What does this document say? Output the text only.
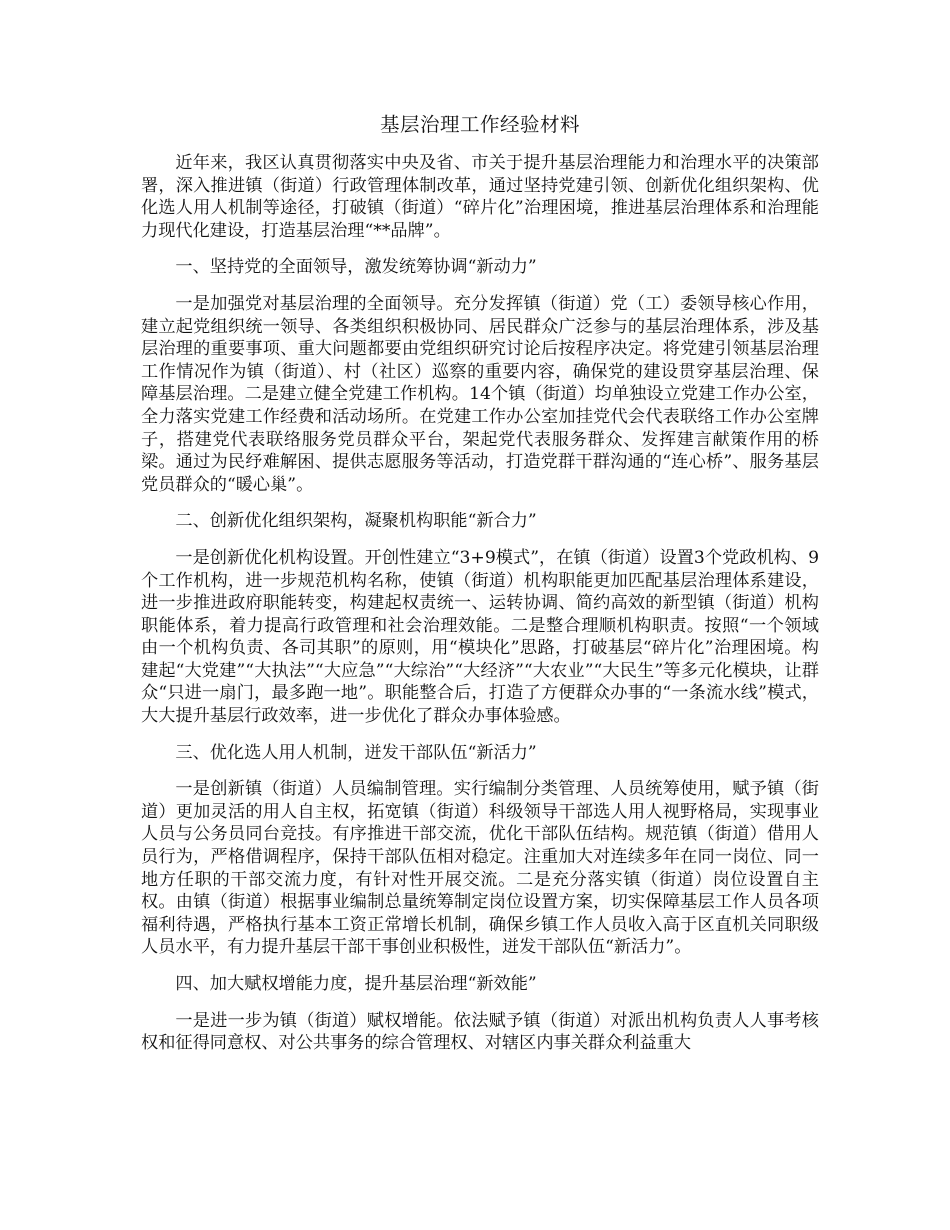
基层治理工作经验材料

近年来，我区认真贯彻落实中央及省、市关于提升基层治理能力和治理水平的决策部署，深入推进镇（街道）行政管理体制改革，通过坚持党建引领、创新优化组织架构、优化选人用人机制等途径，打破镇（街道）“碎片化”治理困境，推进基层治理体系和治理能力现代化建设，打造基层治理“**品牌”。

一、坚持党的全面领导，激发统筹协调“新动力”

一是加强党对基层治理的全面领导。充分发挥镇（街道）党（工）委领导核心作用，建立起党组织统一领导、各类组织积极协同、居民群众广泛参与的基层治理体系，涉及基层治理的重要事项、重大问题都要由党组织研究讨论后按程序决定。将党建引领基层治理工作情况作为镇（街道）、村（社区）巡察的重要内容，确保党的建设贯穿基层治理、保障基层治理。二是建立健全党建工作机构。14个镇（街道）均单独设立党建工作办公室，全力落实党建工作经费和活动场所。在党建工作办公室加挂党代会代表联络工作办公室牌子，搭建党代表联络服务党员群众平台，架起党代表服务群众、发挥建言献策作用的桥梁。通过为民纾难解困、提供志愿服务等活动，打造党群干群沟通的“连心桥”、服务基层党员群众的“暖心巢”。

二、创新优化组织架构，凝聚机构职能“新合力”

一是创新优化机构设置。开创性建立“3+9模式”，在镇（街道）设置3个党政机构、9个工作机构，进一步规范机构名称，使镇（街道）机构职能更加匹配基层治理体系建设，进一步推进政府职能转变，构建起权责统一、运转协调、简约高效的新型镇（街道）机构职能体系，着力提高行政管理和社会治理效能。二是整合理顺机构职责。按照“一个领域由一个机构负责、各司其职”的原则，用“模块化”思路，打破基层“碎片化”治理困境。构建起“大党建”“大执法”“大应急”“大综治”“大经济”“大农业”“大民生”等多元化模块，让群众“只进一扇门，最多跑一地”。职能整合后，打造了方便群众办事的“一条流水线”模式，大大提升基层行政效率，进一步优化了群众办事体验感。

三、优化选人用人机制，迸发干部队伍“新活力”

一是创新镇（街道）人员编制管理。实行编制分类管理、人员统筹使用，赋予镇（街道）更加灵活的用人自主权，拓宽镇（街道）科级领导干部选人用人视野格局，实现事业人员与公务员同台竞技。有序推进干部交流，优化干部队伍结构。规范镇（街道）借用人员行为，严格借调程序，保持干部队伍相对稳定。注重加大对连续多年在同一岗位、同一地方任职的干部交流力度，有针对性开展交流。二是充分落实镇（街道）岗位设置自主权。由镇（街道）根据事业编制总量统筹制定岗位设置方案，切实保障基层工作人员各项福利待遇，严格执行基本工资正常增长机制，确保乡镇工作人员收入高于区直机关同职级人员水平，有力提升基层干部干事创业积极性，迸发干部队伍“新活力”。

四、加大赋权增能力度，提升基层治理“新效能”

一是进一步为镇（街道）赋权增能。依法赋予镇（街道）对派出机构负责人人事考核权和征得同意权、对公共事务的综合管理权、对辖区内事关群众利益重大
